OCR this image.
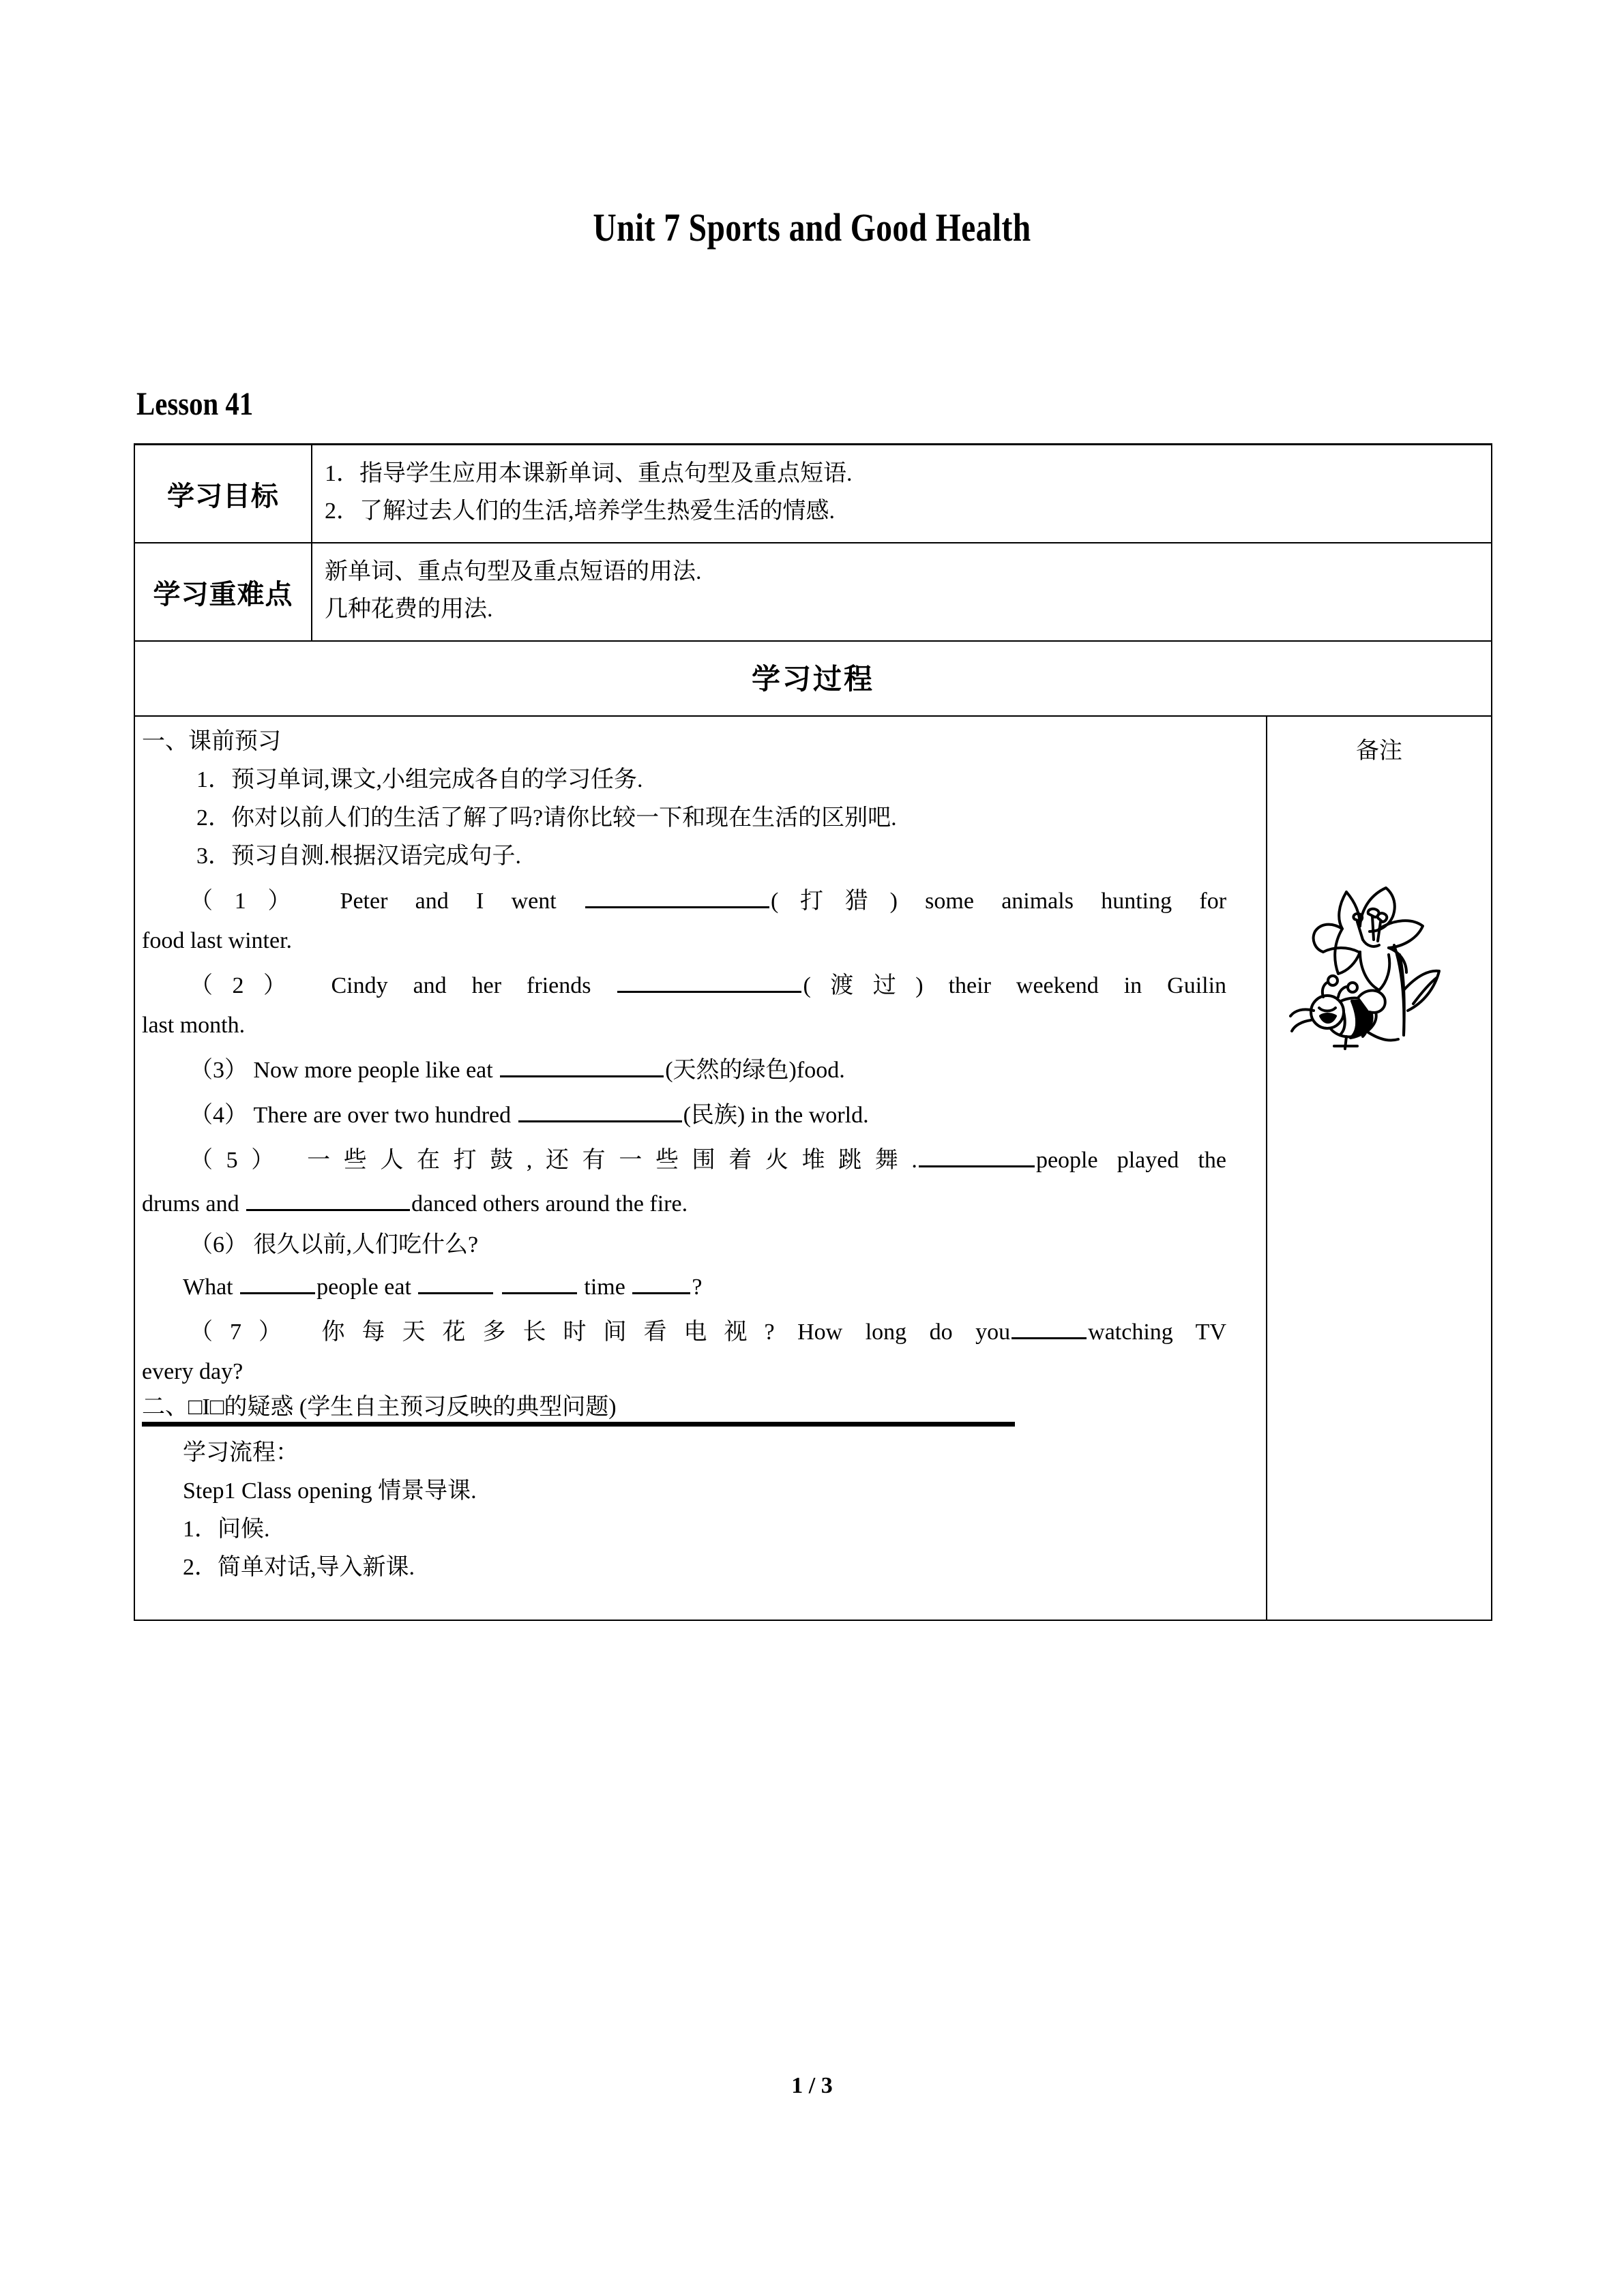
Unit 7 Sports and Good Health
Lesson 41
学习目标	1．指导学生应用本课新单词、重点句型及重点短语.
2．了解过去人们的生活,培养学生热爱生活的情感.	

学习重难点	新单词、重点句型及重点短语的用法.
几种花费的用法.	

学习过程		

一、课前预习
1．预习单词,课文,小组完成各自的学习任务.
2．你对以前人们的生活了解了吗?请你比较一下和现在生活的区别吧.
3．预习自测.根据汉语完成句子.
（1） Peter and I went	(打猎) some animals hunting for
food last winter.
（2） Cindy and her friends	(渡过) their weekend in Guilin
last month.
（3） Now more people like eat	(天然的绿色)food.
（4） There are over two hundred	(民族) in the world.
（5） 一些人在打鼓,还有一些围着火堆跳舞.	people played the
drums and	danced others around the fire.
（6） 很久以前,人们吃什么?
What	people eat	time	?
（7） 你每天花多长时间看电视? How long do you	watching TV
every day?
二、□I□的疑惑 (学生自主预习反映的典型问题)
学习流程：
Step1 Class opening 情景导课.
1．问候.
2．简单对话,导入新课.
	备注
1 / 3
